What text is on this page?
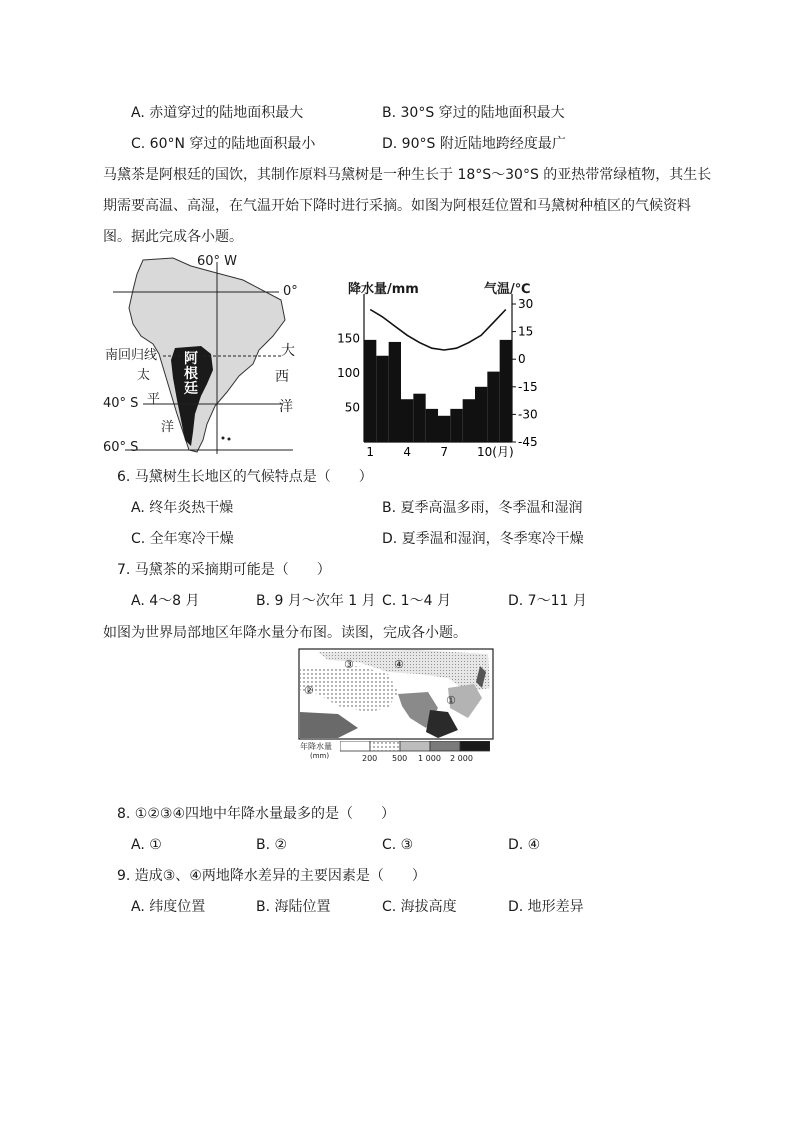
A. 赤道穿过的陆地面积最大	B. 30°S 穿过的陆地面积最大
C. 60°N 穿过的陆地面积最小	D. 90°S 附近陆地跨经度最广
马黛茶是阿根廷的国饮，其制作原料马黛树是一种生长于 18°S～30°S 的亚热带常绿植物，其生长
期需要高温、高湿，在气温开始下降时进行采摘。如图为阿根廷位置和马黛树种植区的气候资料
图。据此完成各小题。
60° W
0°
南回归线
40° S
60° S
阿根廷
大
西
洋
太
平
洋
降水量/mm	气温/℃
150
100
50
30
15
0
-15
-30
-45
1 4 7 10(月)
6. 马黛树生长地区的气候特点是（　　）
A. 终年炎热干燥	B. 夏季高温多雨，冬季温和湿润
C. 全年寒冷干燥	D. 夏季温和湿润，冬季寒冷干燥
7. 马黛茶的采摘期可能是（　　）
A. 4～8 月	B. 9 月～次年 1 月 C. 1～4 月	D. 7～11 月
如图为世界局部地区年降水量分布图。读图，完成各小题。
①
②
③	④
年降水量
(mm)	200 500 1 000 2 000
8. ①②③④四地中年降水量最多的是（　　）
A. ①	B. ②	C. ③	D. ④
9. 造成③、④两地降水差异的主要因素是（　　）
A. 纬度位置	B. 海陆位置	C. 海拔高度	D. 地形差异
